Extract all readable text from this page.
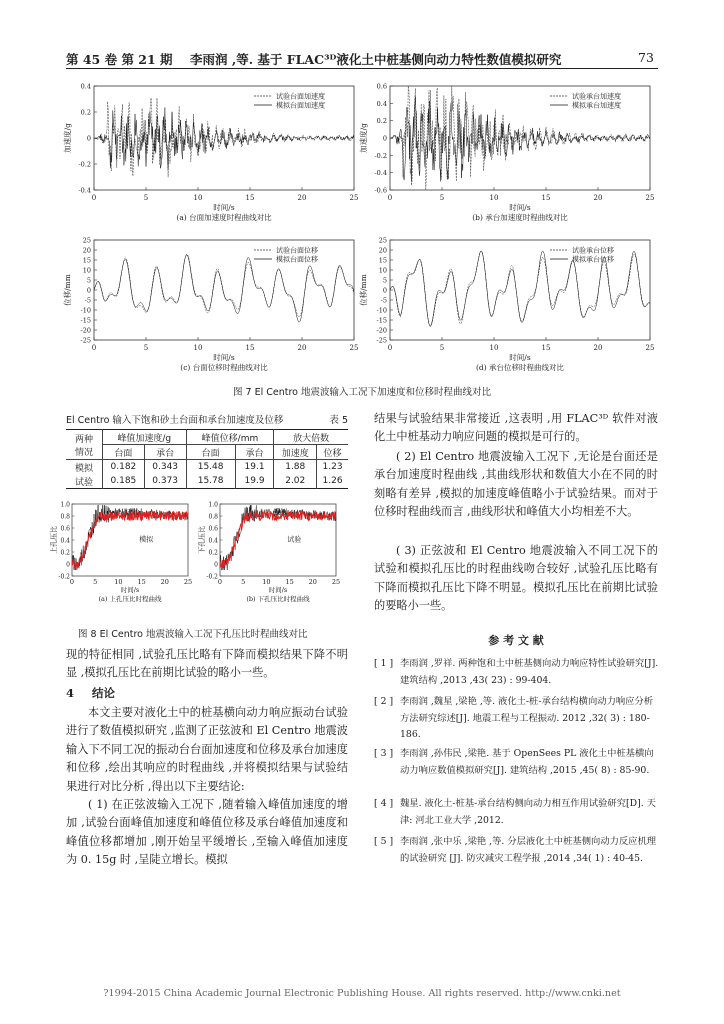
第 45 卷 第 21 期 李雨润 ,等. 基于 FLAC³ᴰ液化土中桩基侧向动力特性数值模拟研究	73
0.4
0.2
0
-0.2
-0.4
0	5	10	15	20	25
加速度/g
时间/s
(a) 台面加速度时程曲线对比
试验台面加速度
模拟台面加速度
0.6
0.4
0.2
0
-0.2
-0.4
-0.6
0	5	10	15	20	25
加速度/g
时间/s
(b) 承台加速度时程曲线对比
试验承台加速度
模拟承台加速度
25
20
15
10
5
0
-5
-10
-15
-20
-25
0	5	10	15	20	25
位移/mm
时间/s
(c) 台面位移时程曲线对比
试验台面位移
模拟台面位移
25
20
15
10
5
0
-5
-10
-15
-20
-25
0	5	10	15	20	25
位移/mm
时间/s
(d) 承台位移时程曲线对比
试验承台位移
模拟承台位移
图 7 El Centro 地震波输入工况下加速度和位移时程曲线对比
El Centro 输入下饱和砂土台面和承台加速度及位移	表 5
两种
情况	峰值加速度/g		峰值位移/mm		放大倍数	
	台面	承台	台面	承台	加速度	位移
模拟	0.182	0.343	15.48	19.1	1.88	1.23
试验	0.185	0.373	15.78	19.9	2.02	1.26
1.0
0.8
0.6
0.4
0.2
0
-0.2
0	5	10 15 20 25
上孔压比
时间/s
(a) 上孔压比时程曲线
试验
模拟
1.0
0.8
0.6
0.4
0.2
0
-0.2
0	5	10 15 20 25
下孔压比
时间/s
(b) 下孔压比时程曲线
模拟
试验
图 8 El Centro 地震波输入工况下孔压比时程曲线对比
现的特征相同 ,试验孔压比略有下降而模拟结果下降不明显 ,模拟孔压比在前期比试验的略小一些。
4 结论
本文主要对液化土中的桩基横向动力响应振动台试验进行了数值模拟研究 ,监测了正弦波和 El Centro 地震波输入下不同工况的振动台台面加速度和位移及承台加速度和位移 ,绘出其响应的时程曲线 ,并将模拟结果与试验结果进行对比分析 ,得出以下主要结论:
( 1) 在正弦波输入工况下 ,随着输入峰值加速度的增加 ,试验台面峰值加速度和峰值位移及承台峰值加速度和峰值位移都增加 ,刚开始呈平缓增长 ,至输入峰值加速度为 0. 15g 时 ,呈陡立增长。模拟
结果与试验结果非常接近 ,这表明 ,用 FLAC³ᴰ 软件对液化土中桩基动力响应问题的模拟是可行的。
( 2) El Centro 地震波输入工况下 ,无论是台面还是承台加速度时程曲线 ,其曲线形状和数值大小在不同的时刻略有差异 ,模拟的加速度峰值略小于试验结果。而对于位移时程曲线而言 ,曲线形状和峰值大小均相差不大。
( 3) 正弦波和 El Centro 地震波输入不同工况下的试验和模拟孔压比的时程曲线吻合较好 ,试验孔压比略有下降而模拟孔压比下降不明显。模拟孔压比在前期比试验的要略小一些。
参 考 文 献
[ 1 ] 李雨润 ,罗祥. 两种饱和土中桩基侧向动力响应特性试验研究[J]. 建筑结构 ,2013 ,43( 23) : 99-404.
[ 2 ] 李雨润 ,魏星 ,梁艳 ,等. 液化土-桩-承台结构横向动力响应分析方法研究综述[J]. 地震工程与工程振动. 2012 ,32( 3) : 180-186.
[ 3 ] 李雨润 ,孙伟民 ,梁艳. 基于 OpenSees PL 液化土中桩基横向动力响应数值模拟研究[J]. 建筑结构 ,2015 ,45( 8) : 85-90.
[ 4 ] 魏星. 液化土-桩基-承台结构侧向动力相互作用试验研究[D]. 天津: 河北工业大学 ,2012.
[ 5 ] 李雨润 ,张中乐 ,梁艳 ,等. 分层液化土中桩基侧向动力反应机理的试验研究 [J]. 防灾减灾工程学报 ,2014 ,34( 1) : 40-45.
?1994-2015 China Academic Journal Electronic Publishing House. All rights reserved. http://www.cnki.net
